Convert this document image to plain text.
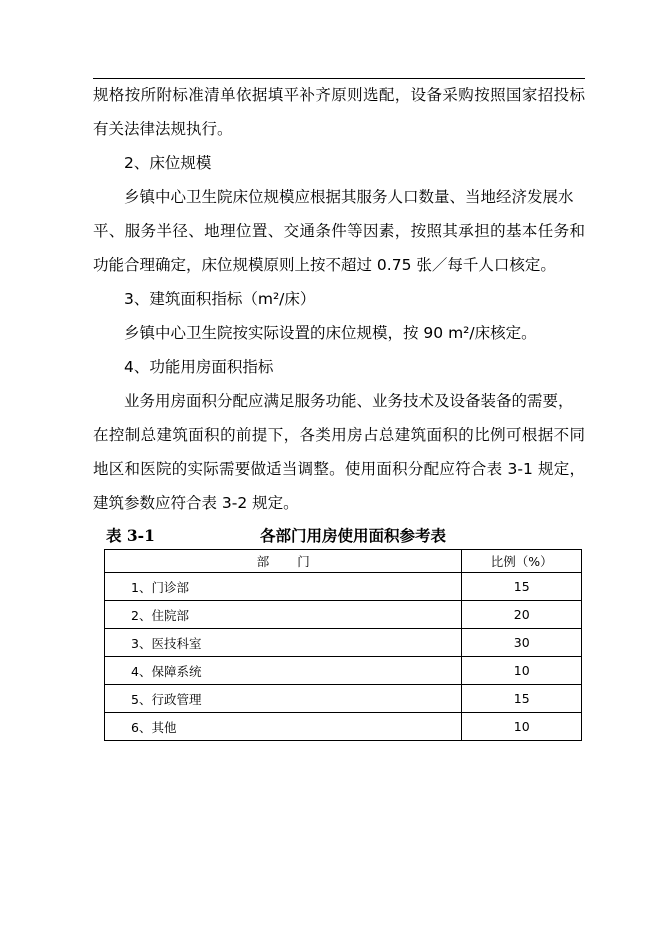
规格按所附标准清单依据填平补齐原则选配，设备采购按照国家招投标
有关法律法规执行。
2、床位规模
乡镇中心卫生院床位规模应根据其服务人口数量、当地经济发展水
平、服务半径、地理位置、交通条件等因素，按照其承担的基本任务和
功能合理确定，床位规模原则上按不超过 0.75 张／每千人口核定。
3、建筑面积指标（m²/床）
乡镇中心卫生院按实际设置的床位规模，按 90 m²/床核定。
4、功能用房面积指标
业务用房面积分配应满足服务功能、业务技术及设备装备的需要，
在控制总建筑面积的前提下，各类用房占总建筑面积的比例可根据不同
地区和医院的实际需要做适当调整。使用面积分配应符合表 3-1 规定，
建筑参数应符合表 3-2 规定。
表 3-1	各部门用房使用面积参考表
部 门	比例（%）
1、门诊部	15
2、住院部	20
3、医技科室	30
4、保障系统	10
5、行政管理	15
6、其他	10
